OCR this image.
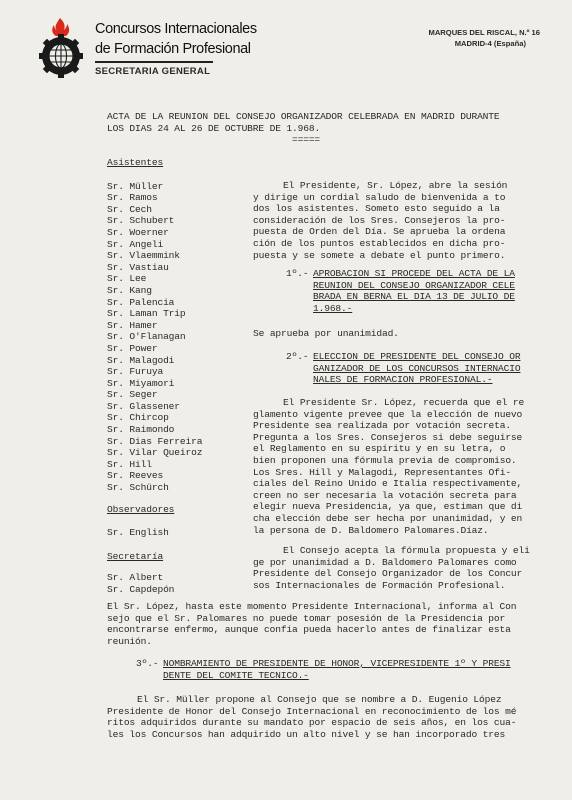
Concursos Internacionales
de Formación Profesional
SECRETARIA GENERAL
MARQUES DEL RISCAL, N.º 16
MADRID-4 (España)
ACTA DE LA REUNION DEL CONSEJO ORGANIZADOR CELEBRADA EN MADRID DURANTE
LOS DIAS 24 AL 26 DE OCTUBRE DE 1.968.
=====
Asistentes
Sr. Müller
Sr. Ramos
Sr. Cech
Sr. Schubert
Sr. Woerner
Sr. Angeli
Sr. Vlaemmink
Sr. Vastiau
Sr. Lee
Sr. Kang
Sr. Palencia
Sr. Laman Trip
Sr. Hamer
Sr. O'Flanagan
Sr. Power
Sr. Malagodi
Sr. Furuya
Sr. Miyamori
Sr. Seger
Sr. Glassener
Sr. Chircop
Sr. Raimondo
Sr. Dias Ferreira
Sr. Vilar Queiroz
Sr. Hill
Sr. Reeves
Sr. Schürch
Observadores
Sr. English
Secretaría
Sr. Albert
Sr. Capdepón
El Presidente, Sr. López, abre la sesión
y dirige un cordial saludo de bienvenida a to
dos los asistentes. Someto esto seguido a la
consideración de los Sres. Consejeros la pro-
puesta de Orden del Día. Se aprueba la ordena
ción de los puntos establecidos en dicha pro-
puesta y se somete a debate el punto primero.
1º.- APROBACION SI PROCEDE DEL ACTA DE LA
REUNION DEL CONSEJO ORGANIZADOR CELE
BRADA EN BERNA EL DIA 13 DE JULIO DE
1.968.-
Se aprueba por unanimidad.
2º.- ELECCION DE PRESIDENTE DEL CONSEJO OR
GANIZADOR DE LOS CONCURSOS INTERNACIO
NALES DE FORMACION PROFESIONAL.-
El Presidente Sr. López, recuerda que el re
glamento vigente prevee que la elección de nuevo
Presidente sea realizada por votación secreta.
Pregunta a los Sres. Consejeros si debe seguirse
el Reglamento en su espíritu y en su letra, o
bien proponen una fórmula previa de compromiso.
Los Sres. Hill y Malagodi, Representantes Ofi-
ciales del Reino Unido e Italia respectivamente,
creen no ser necesaria la votación secreta para
elegir nueva Presidencia, ya que, estiman que di
cha elección debe ser hecha por unanimidad, y en
la persona de D. Baldomero Palomares.Díaz.
El Consejo acepta la fórmula propuesta y eli
ge por unanimidad a D. Baldomero Palomares como
Presidente del Consejo Organizador de los Concur
sos Internacionales de Formación Profesional.
El Sr. López, hasta este momento Presidente Internacional, informa al Con
sejo que el Sr. Palomares no puede tomar posesión de la Presidencia por
encontrarse enfermo, aunque confía pueda hacerlo antes de finalizar esta
reunión.
3º.- NOMBRAMIENTO DE PRESIDENTE DE HONOR, VICEPRESIDENTE 1º Y PRESI
DENTE DEL COMITE TECNICO.-
El Sr. Müller propone al Consejo que se nombre a D. Eugenio López
Presidente de Honor del Consejo Internacional en reconocimiento de los mé
ritos adquiridos durante su mandato por espacio de seis años, en los cua-
les los Concursos han adquirido un alto nivel y se han incorporado tres
